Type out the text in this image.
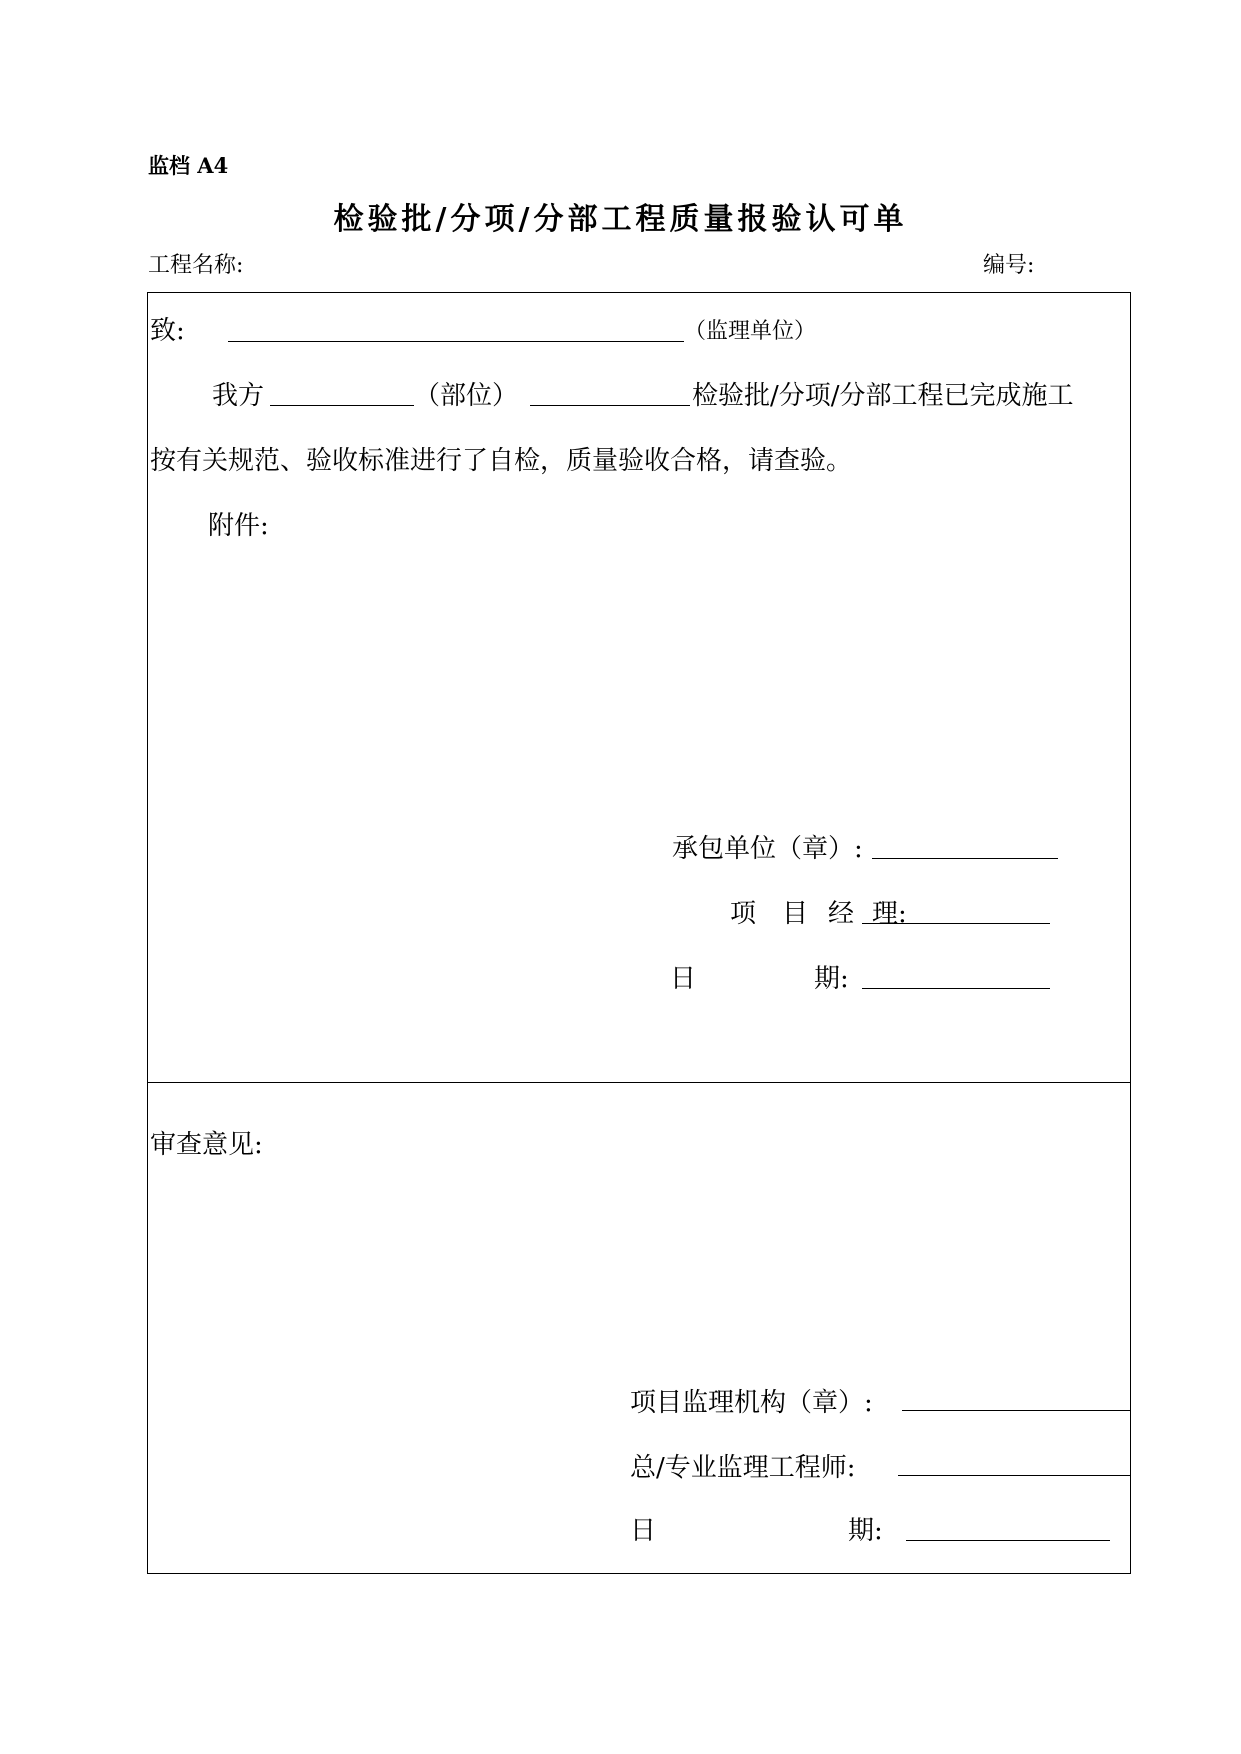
监档 A4
检验批/分项/分部工程质量报验认可单
工程名称:	编号:
致:	（监理单位）
我方	（部位）	检验批/分项/分部工程已完成施工
按有关规范、验收标准进行了自检，质量验收合格，请查验。
附件:
承包单位（章）:
项 目 经 理:
日	期:
审查意见:
项目监理机构（章）:
总/专业监理工程师:
日	期:
